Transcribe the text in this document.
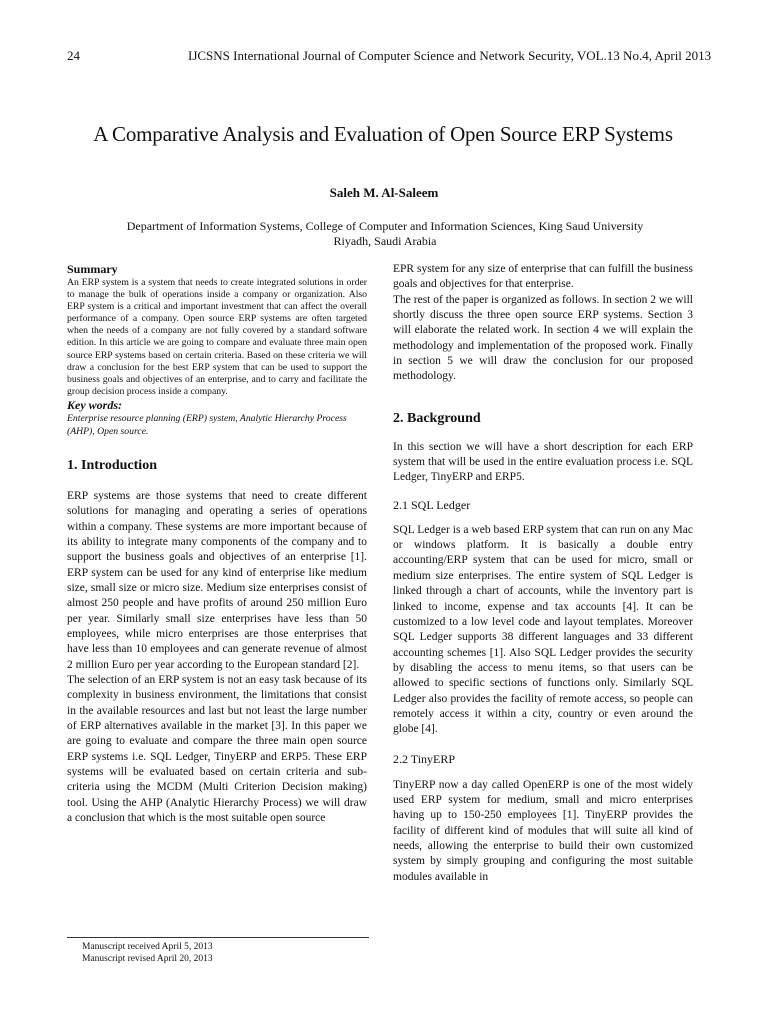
24	IJCSNS International Journal of Computer Science and Network Security, VOL.13 No.4, April 2013
A Comparative Analysis and Evaluation of Open Source ERP Systems
Saleh M. Al-Saleem
Department of Information Systems, College of Computer and Information Sciences, King Saud University
Riyadh, Saudi Arabia
Summary

An ERP system is a system that needs to create integrated solutions in order to manage the bulk of operations inside a company or organization. Also ERP system is a critical and important investment that can affect the overall performance of a company. Open source ERP systems are often targeted when the needs of a company are not fully covered by a standard software edition. In this article we are going to compare and evaluate three main open source ERP systems based on certain criteria. Based on these criteria we will draw a conclusion for the best ERP system that can be used to support the business goals and objectives of an enterprise, and to carry and facilitate the group decision process inside a company.

Key words:

Enterprise resource planning (ERP) system, Analytic Hierarchy Process (AHP), Open source.

1. Introduction

ERP systems are those systems that need to create different solutions for managing and operating a series of operations within a company. These systems are more important because of its ability to integrate many components of the company and to support the business goals and objectives of an enterprise [1]. ERP system can be used for any kind of enterprise like medium size, small size or micro size. Medium size enterprises consist of almost 250 people and have profits of around 250 million Euro per year. Similarly small size enterprises have less than 50 employees, while micro enterprises are those enterprises that have less than 10 employees and can generate revenue of almost 2 million Euro per year according to the European standard [2].

The selection of an ERP system is not an easy task because of its complexity in business environment, the limitations that consist in the available resources and last but not least the large number of ERP alternatives available in the market [3]. In this paper we are going to evaluate and compare the three main open source ERP systems i.e. SQL Ledger, TinyERP and ERP5. These ERP systems will be evaluated based on certain criteria and sub-criteria using the MCDM (Multi Criterion Decision making) tool. Using the AHP (Analytic Hierarchy Process) we will draw a conclusion that which is the most suitable open source

EPR system for any size of enterprise that can fulfill the business goals and objectives for that enterprise.

The rest of the paper is organized as follows. In section 2 we will shortly discuss the three open source ERP systems. Section 3 will elaborate the related work. In section 4 we will explain the methodology and implementation of the proposed work. Finally in section 5 we will draw the conclusion for our proposed methodology.

2. Background

In this section we will have a short description for each ERP system that will be used in the entire evaluation process i.e. SQL Ledger, TinyERP and ERP5.

2.1 SQL Ledger

SQL Ledger is a web based ERP system that can run on any Mac or windows platform. It is basically a double entry accounting/ERP system that can be used for micro, small or medium size enterprises. The entire system of SQL Ledger is linked through a chart of accounts, while the inventory part is linked to income, expense and tax accounts [4]. It can be customized to a low level code and layout templates. Moreover SQL Ledger supports 38 different languages and 33 different accounting schemes [1]. Also SQL Ledger provides the security by disabling the access to menu items, so that users can be allowed to specific sections of functions only. Similarly SQL Ledger also provides the facility of remote access, so people can remotely access it within a city, country or even around the globe [4].

2.2 TinyERP

TinyERP now a day called OpenERP is one of the most widely used ERP system for medium, small and micro enterprises having up to 150-250 employees [1]. TinyERP provides the facility of different kind of modules that will suite all kind of needs, allowing the enterprise to build their own customized system by simply grouping and configuring the most suitable modules available in

Manuscript received April 5, 2013
Manuscript revised April 20, 2013
